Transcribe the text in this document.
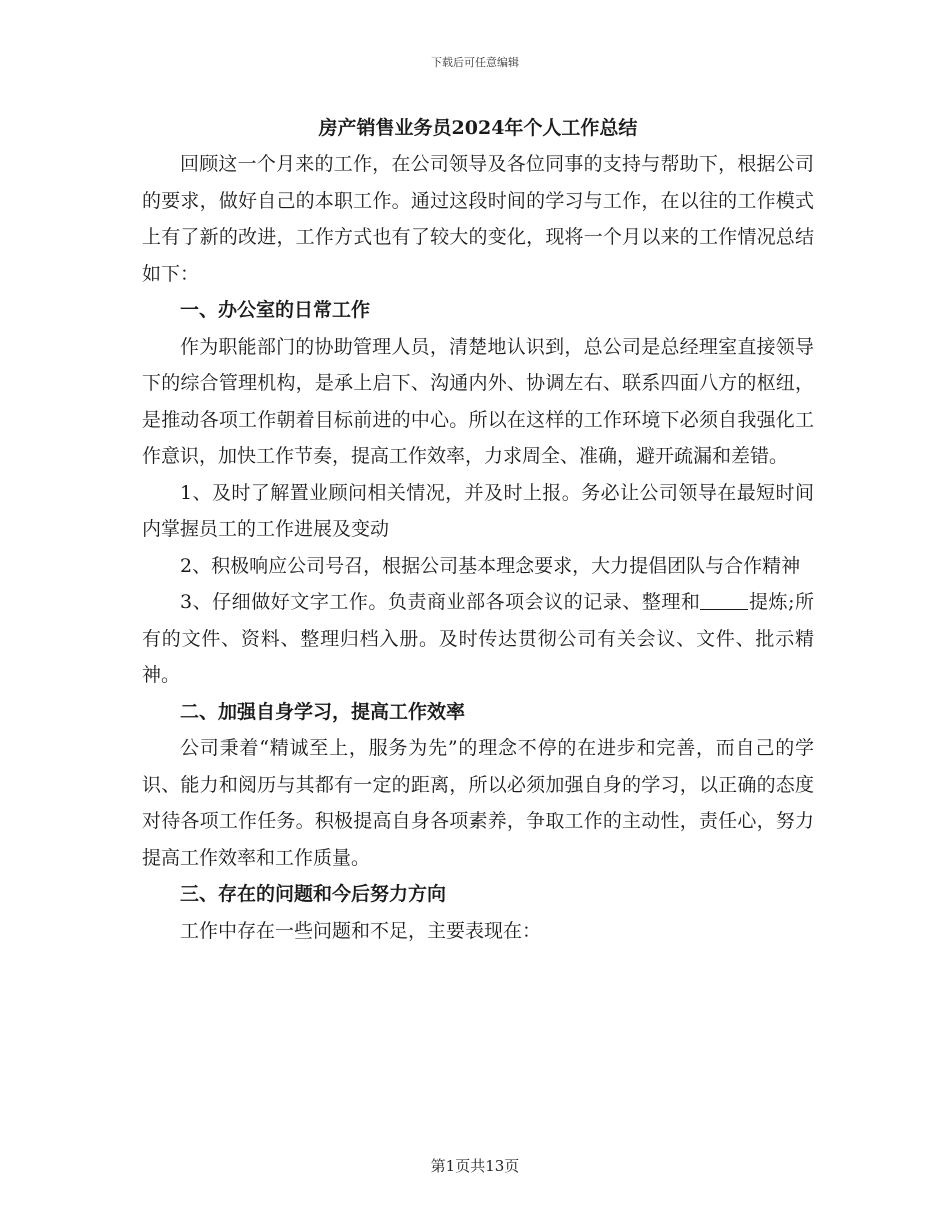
下载后可任意编辑

房产销售业务员2024年个人工作总结

回顾这一个月来的工作，在公司领导及各位同事的支持与帮助下，根据公司的要求，做好自己的本职工作。通过这段时间的学习与工作，在以往的工作模式上有了新的改进，工作方式也有了较大的变化，现将一个月以来的工作情况总结如下：

一、办公室的日常工作

作为职能部门的协助管理人员，清楚地认识到，总公司是总经理室直接领导下的综合管理机构，是承上启下、沟通内外、协调左右、联系四面八方的枢纽，是推动各项工作朝着目标前进的中心。所以在这样的工作环境下必须自我强化工作意识，加快工作节奏，提高工作效率，力求周全、准确，避开疏漏和差错。

1、及时了解置业顾问相关情况，并及时上报。务必让公司领导在最短时间内掌握员工的工作进展及变动

2、积极响应公司号召，根据公司基本理念要求，大力提倡团队与合作精神

3、仔细做好文字工作。负责商业部各项会议的记录、整理和	提炼;所有的文件、资料、整理归档入册。及时传达贯彻公司有关会议、文件、批示精神。

二、加强自身学习，提高工作效率

公司秉着“精诚至上，服务为先”的理念不停的在进步和完善，而自己的学识、能力和阅历与其都有一定的距离，所以必须加强自身的学习，以正确的态度对待各项工作任务。积极提高自身各项素养，争取工作的主动性，责任心，努力提高工作效率和工作质量。

三、存在的问题和今后努力方向

工作中存在一些问题和不足，主要表现在：

第1页共13页
